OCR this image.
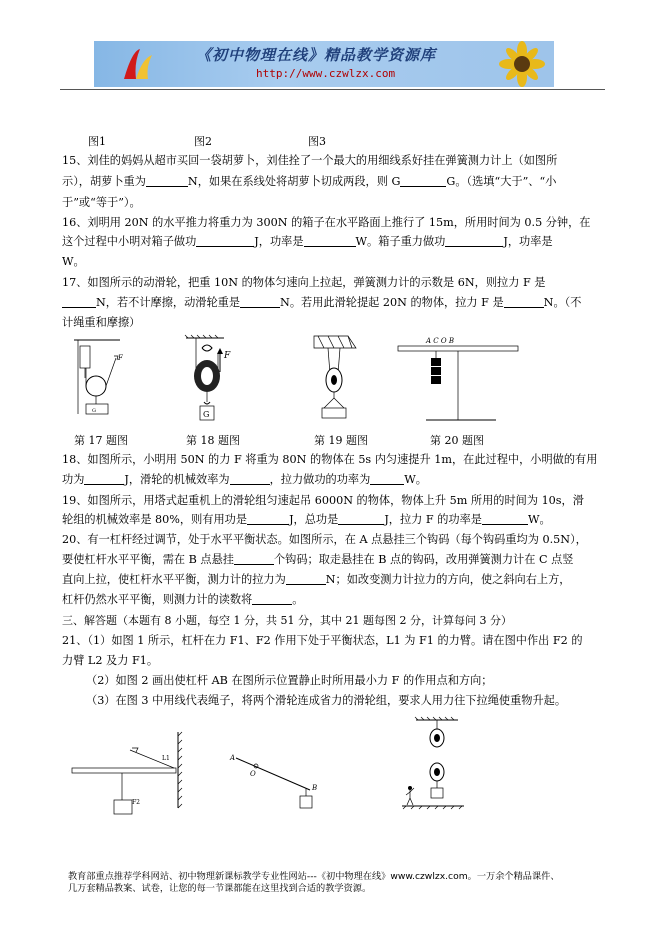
《初中物理在线》精品教学资源库
http://www.czwlzx.com
图1	图2	图3
15、刘佳的妈妈从超市买回一袋胡萝卜，刘佳拴了一个最大的用细线系好挂在弹簧测力计上（如图所
示），胡萝卜重为	N，如果在系线处将胡萝卜切成两段，则 G	G。（选填“大于”、“小
于”或“等于”）。
16、刘明用 20N 的水平推力将重力为 300N 的箱子在水平路面上推行了 15m，所用时间为 0.5 分钟，在
这个过程中小明对箱子做功	J，功率是	W。箱子重力做功	J，功率是
W。
17、如图所示的动滑轮，把重 10N 的物体匀速向上拉起，弹簧测力计的示数是 6N，则拉力 F 是
N，若不计摩擦，动滑轮重是	N。若用此滑轮提起 20N 的物体，拉力 F 是	N。（不
计绳重和摩擦）
F
G
F
G
A C O B
第 17 题图	第 18 题图	第 19 题图	第 20 题图
18、如图所示，小明用 50N 的力 F 将重为 80N 的物体在 5s 内匀速提升 1m，在此过程中，小明做的有用
功为	J，滑轮的机械效率为	，拉力做功的功率为	W。
19、如图所示，用塔式起重机上的滑轮组匀速起吊 6000N 的物体，物体上升 5m 所用的时间为 10s，滑
轮组的机械效率是 80%，则有用功是	J，总功是	J，拉力 F 的功率是	W。
20、有一杠杆经过调节，处于水平平衡状态。如图所示，在 A 点悬挂三个钩码（每个钩码重均为 0.5N），
要使杠杆水平平衡，需在 B 点悬挂	个钩码；取走悬挂在 B 点的钩码，改用弹簧测力计在 C 点竖
直向上拉，使杠杆水平平衡，测力计的拉力为	N；如改变测力计拉力的方向，使之斜向右上方，
杠杆仍然水平平衡，则测力计的读数将	。
三、解答题（本题有 8 小题，每空 1 分，共 51 分，其中 21 题每图 2 分，计算每问 3 分）
21、（1）如图 1 所示，杠杆在力 F1、F2 作用下处于平衡状态，L1 为 F1 的力臂。请在图中作出 F2 的
力臂 L2 及力 F1。
（2）如图 2 画出使杠杆 AB 在图所示位置静止时所用最小力 F 的作用点和方向；
（3）在图 3 中用线代表绳子，将两个滑轮连成省力的滑轮组，要求人用力往下拉绳使重物升起。
L1
F2
A
O
B
教育部重点推荐学科网站、初中物理新课标教学专业性网站---《初中物理在线》www.czwlzx.com。一万余个精品课件、
几万套精品教案、试卷，让您的每一节课都能在这里找到合适的教学资源。
